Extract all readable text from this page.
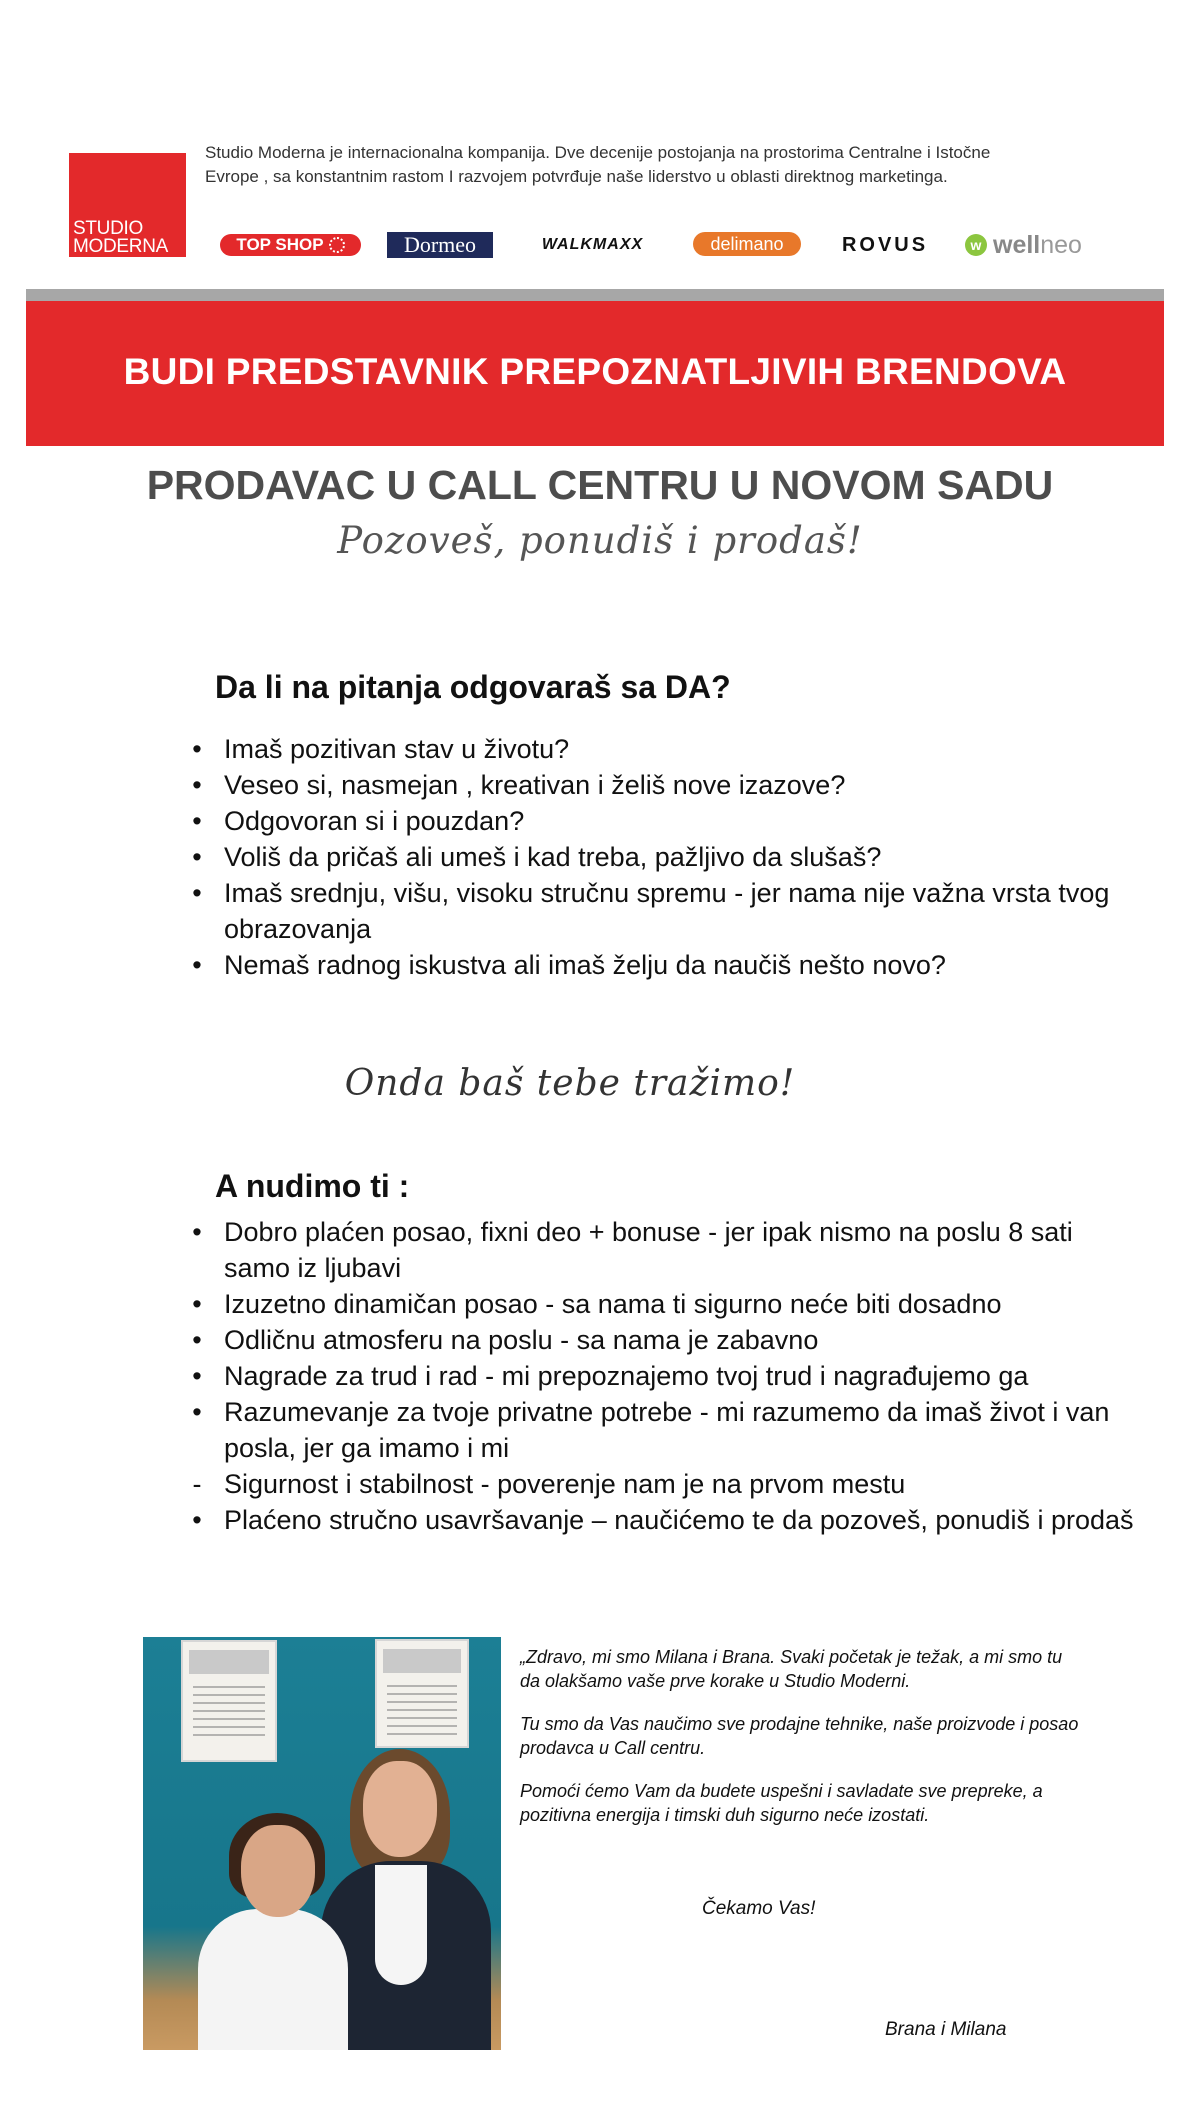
STUDIO
MODERNA
Studio Moderna je internacionalna kompanija. Dve decenije postojanja na prostorima Centralne i Istočne
Evrope , sa konstantnim rastom I razvojem potvrđuje naše liderstvo u oblasti direktnog marketinga.
TOP SHOP	Dormeo	WALKMAXX	delimano	ROVUS	w well neo
BUDI PREDSTAVNIK PREPOZNATLJIVIH BRENDOVA
PRODAVAC U CALL CENTRU U NOVOM SADU
Pozoveš, ponudiš i prodaš!
Da li na pitanja odgovaraš sa DA?
• Imaš pozitivan stav u životu?
• Veseo si, nasmejan , kreativan i želiš nove izazove?
• Odgovoran si i pouzdan?
• Voliš da pričaš ali umeš i kad treba, pažljivo da slušaš?
• Imaš srednju, višu, visoku stručnu spremu - jer nama nije važna vrsta tvog obrazovanja
• Nemaš radnog iskustva ali imaš želju da naučiš nešto novo?
Onda baš tebe tražimo!
A nudimo ti :
• Dobro plaćen posao, fixni deo + bonuse - jer ipak nismo na poslu 8 sati samo iz ljubavi
• Izuzetno dinamičan posao - sa nama ti sigurno neće biti dosadno
• Odličnu atmosferu na poslu - sa nama je zabavno
• Nagrade za trud i rad - mi prepoznajemo tvoj trud i nagrađujemo ga
• Razumevanje za tvoje privatne potrebe - mi razumemo da imaš život i van posla, jer ga imamo i mi
- Sigurnost i stabilnost - poverenje nam je na prvom mestu
• Plaćeno stručno usavršavanje – naučićemo te da pozoveš, ponudiš i prodaš

„Zdravo, mi smo Milana i Brana. Svaki početak je težak, a mi smo tu da olakšamo vaše prve korake u Studio Moderni.

Tu smo da Vas naučimo sve prodajne tehnike, naše proizvode i posao prodavca u Call centru.

Pomoći ćemo Vam da budete uspešni i savladate sve prepreke, a pozitivna energija i timski duh sigurno neće izostati.

Čekamo Vas!
Brana i Milana
